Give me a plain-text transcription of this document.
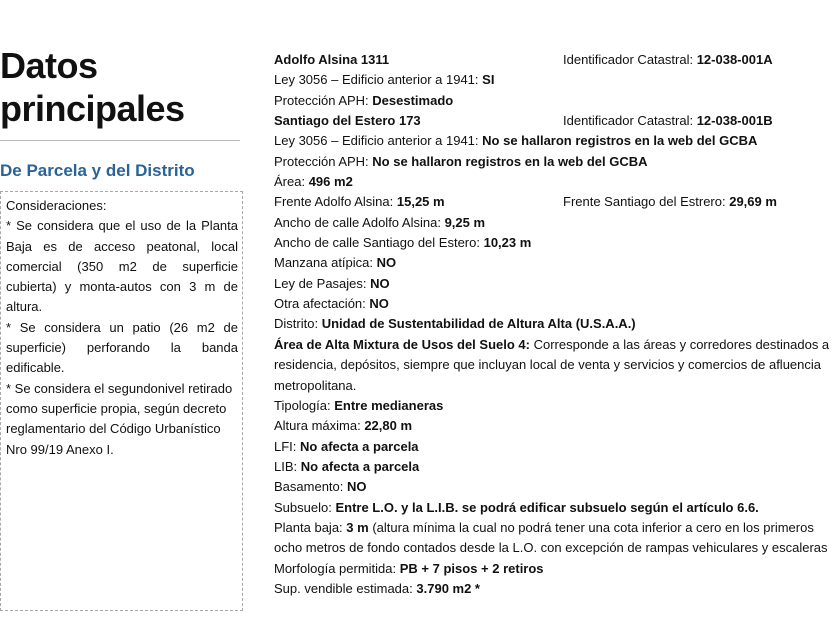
Datos principales
De Parcela y del Distrito

Consideraciones:

* Se considera que el uso de la Planta Baja es de acceso peatonal, local comercial (350 m2 de superficie cubierta) y monta-autos con 3 m de altura.

* Se considera un patio (26 m2 de superficie) perforando la banda edificable.

* Se considera el segundonivel retirado como superficie propia, según decreto reglamentario del Código Urbanístico Nro 99/19 Anexo I.

Adolfo Alsina 1311	Identificador Catastral: 12-038-001A
Ley 3056 – Edificio anterior a 1941: SI
Protección APH: Desestimado
Santiago del Estero 173	Identificador Catastral: 12-038-001B
Ley 3056 – Edificio anterior a 1941: No se hallaron registros en la web del GCBA
Protección APH: No se hallaron registros en la web del GCBA
Área: 496 m2
Frente Adolfo Alsina: 15,25 m	Frente Santiago del Estrero: 29,69 m
Ancho de calle Adolfo Alsina: 9,25 m
Ancho de calle Santiago del Estero: 10,23 m
Manzana atípica: NO
Ley de Pasajes: NO
Otra afectación: NO
Distrito: Unidad de Sustentabilidad de Altura Alta (U.S.A.A.)
Área de Alta Mixtura de Usos del Suelo 4: Corresponde a las áreas y corredores destinados a
residencia, depósitos, siempre que incluyan local de venta y servicios y comercios de afluencia
metropolitana.
Tipología: Entre medianeras
Altura máxima: 22,80 m
LFI: No afecta a parcela
LIB: No afecta a parcela
Basamento: NO
Subsuelo: Entre L.O. y la L.I.B. se podrá edificar subsuelo según el artículo 6.6.
Planta baja: 3 m (altura mínima la cual no podrá tener una cota inferior a cero en los primeros
ocho metros de fondo contados desde la L.O. con excepción de rampas vehiculares y escaleras
Morfología permitida: PB + 7 pisos + 2 retiros
Sup. vendible estimada: 3.790 m2 *
